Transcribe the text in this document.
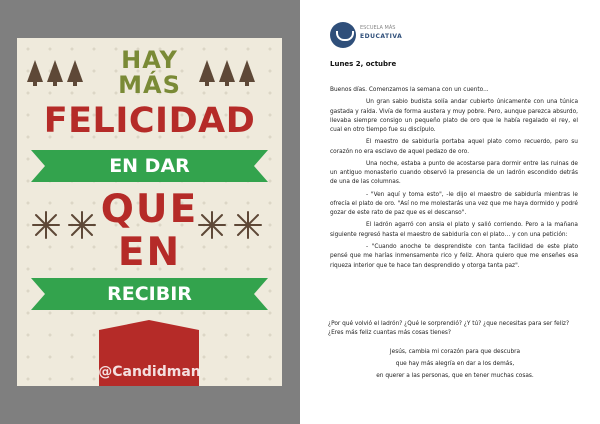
HAY
MÁS
FELICIDAD
EN DAR
QUE
EN
RECIBIR
@Candidman
ESCUELA MÁS
EDUCATIVA
Lunes 2, octubre

Buenos días. Comenzamos la semana con un cuento...

Un gran sabio budista solía andar cubierto únicamente con una túnica gastada y raída. Vivía de forma austera y muy pobre. Pero, aunque parezca absurdo, llevaba siempre consigo un pequeño plato de oro que le había regalado el rey, el cual en otro tiempo fue su discípulo.

El maestro de sabiduría portaba aquel plato como recuerdo, pero su corazón no era esclavo de aquel pedazo de oro.

Una noche, estaba a punto de acostarse para dormir entre las ruinas de un antiguo monasterio cuando observó la presencia de un ladrón escondido detrás de una de las columnas.

- "Ven aquí y toma esto", -le dijo el maestro de sabiduría mientras le ofrecía el plato de oro. "Así no me molestarás una vez que me haya dormido y podré gozar de este rato de paz que es el descanso".

El ladrón agarró con ansia el plato y salió corriendo. Pero a la mañana siguiente regresó hasta el maestro de sabiduría con el plato… y con una petición:

- "Cuando anoche te desprendiste con tanta facilidad de este plato pensé que me harías inmensamente rico y feliz. Ahora quiero que me enseñes esa riqueza interior que te hace tan desprendido y otorga tanta paz".

¿Por qué volvió el ladrón? ¿Qué le sorprendió? ¿Y tú? ¿que necesitas para ser feliz?

¿Eres más feliz cuantas más cosas tienes?

Jesús, cambia mi corazón para que descubra

que hay más alegría en dar a los demás,

en querer a las personas, que en tener muchas cosas.
